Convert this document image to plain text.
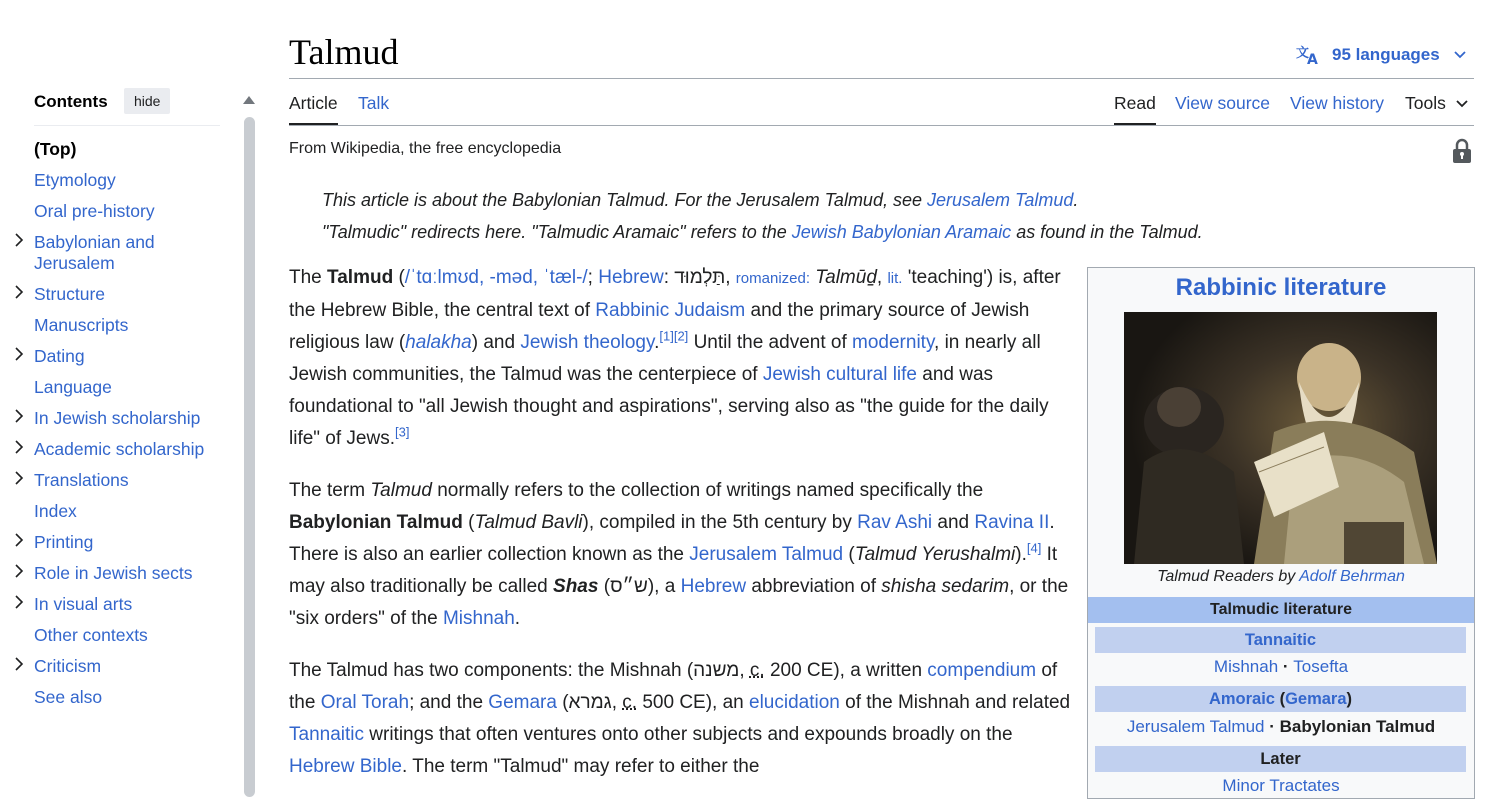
Contents	hide
(Top)
Etymology
Oral pre-history
Babylonian and Jerusalem
Structure
Manuscripts
Dating
Language
In Jewish scholarship
Academic scholarship
Translations
Index
Printing
Role in Jewish sects
In visual arts
Other contexts
Criticism
See also
Talmud	文
A 95 languages
Article Talk	Read View source View history Tools
From Wikipedia, the free encyclopedia
This article is about the Babylonian Talmud. For the Jerusalem Talmud, see Jerusalem Talmud.
"Talmudic" redirects here. "Talmudic Aramaic" refers to the Jewish Babylonian Aramaic as found in the Talmud.

The Talmud (/ˈtɑːlmʊd, -məd, ˈtæl-/; Hebrew: תַּלְמוּד, romanized: Talmūḏ, lit. 'teaching') is, after the Hebrew Bible, the central text of Rabbinic Judaism and the primary source of Jewish religious law (halakha) and Jewish theology.[1][2] Until the advent of modernity, in nearly all Jewish communities, the Talmud was the centerpiece of Jewish cultural life and was foundational to "all Jewish thought and aspirations", serving also as "the guide for the daily life" of Jews.[3]

The term Talmud normally refers to the collection of writings named specifically the Babylonian Talmud (Talmud Bavli), compiled in the 5th century by Rav Ashi and Ravina II. There is also an earlier collection known as the Jerusalem Talmud (Talmud Yerushalmi).[4] It may also traditionally be called Shas (ש״ס), a Hebrew abbreviation of shisha sedarim, or the "six orders" of the Mishnah.

The Talmud has two components: the Mishnah (משנה, c. 200 CE), a written compendium of the Oral Torah; and the Gemara (גמרא, c. 500 CE), an elucidation of the Mishnah and related Tannaitic writings that often ventures onto other subjects and expounds broadly on the Hebrew Bible. The term "Talmud" may refer to either the

Rabbinic literature
Talmud Readers by Adolf Behrman
Talmudic literature
Tannaitic
Mishnah · Tosefta
Amoraic (Gemara)
Jerusalem Talmud · Babylonian Talmud
Later
Minor Tractates
